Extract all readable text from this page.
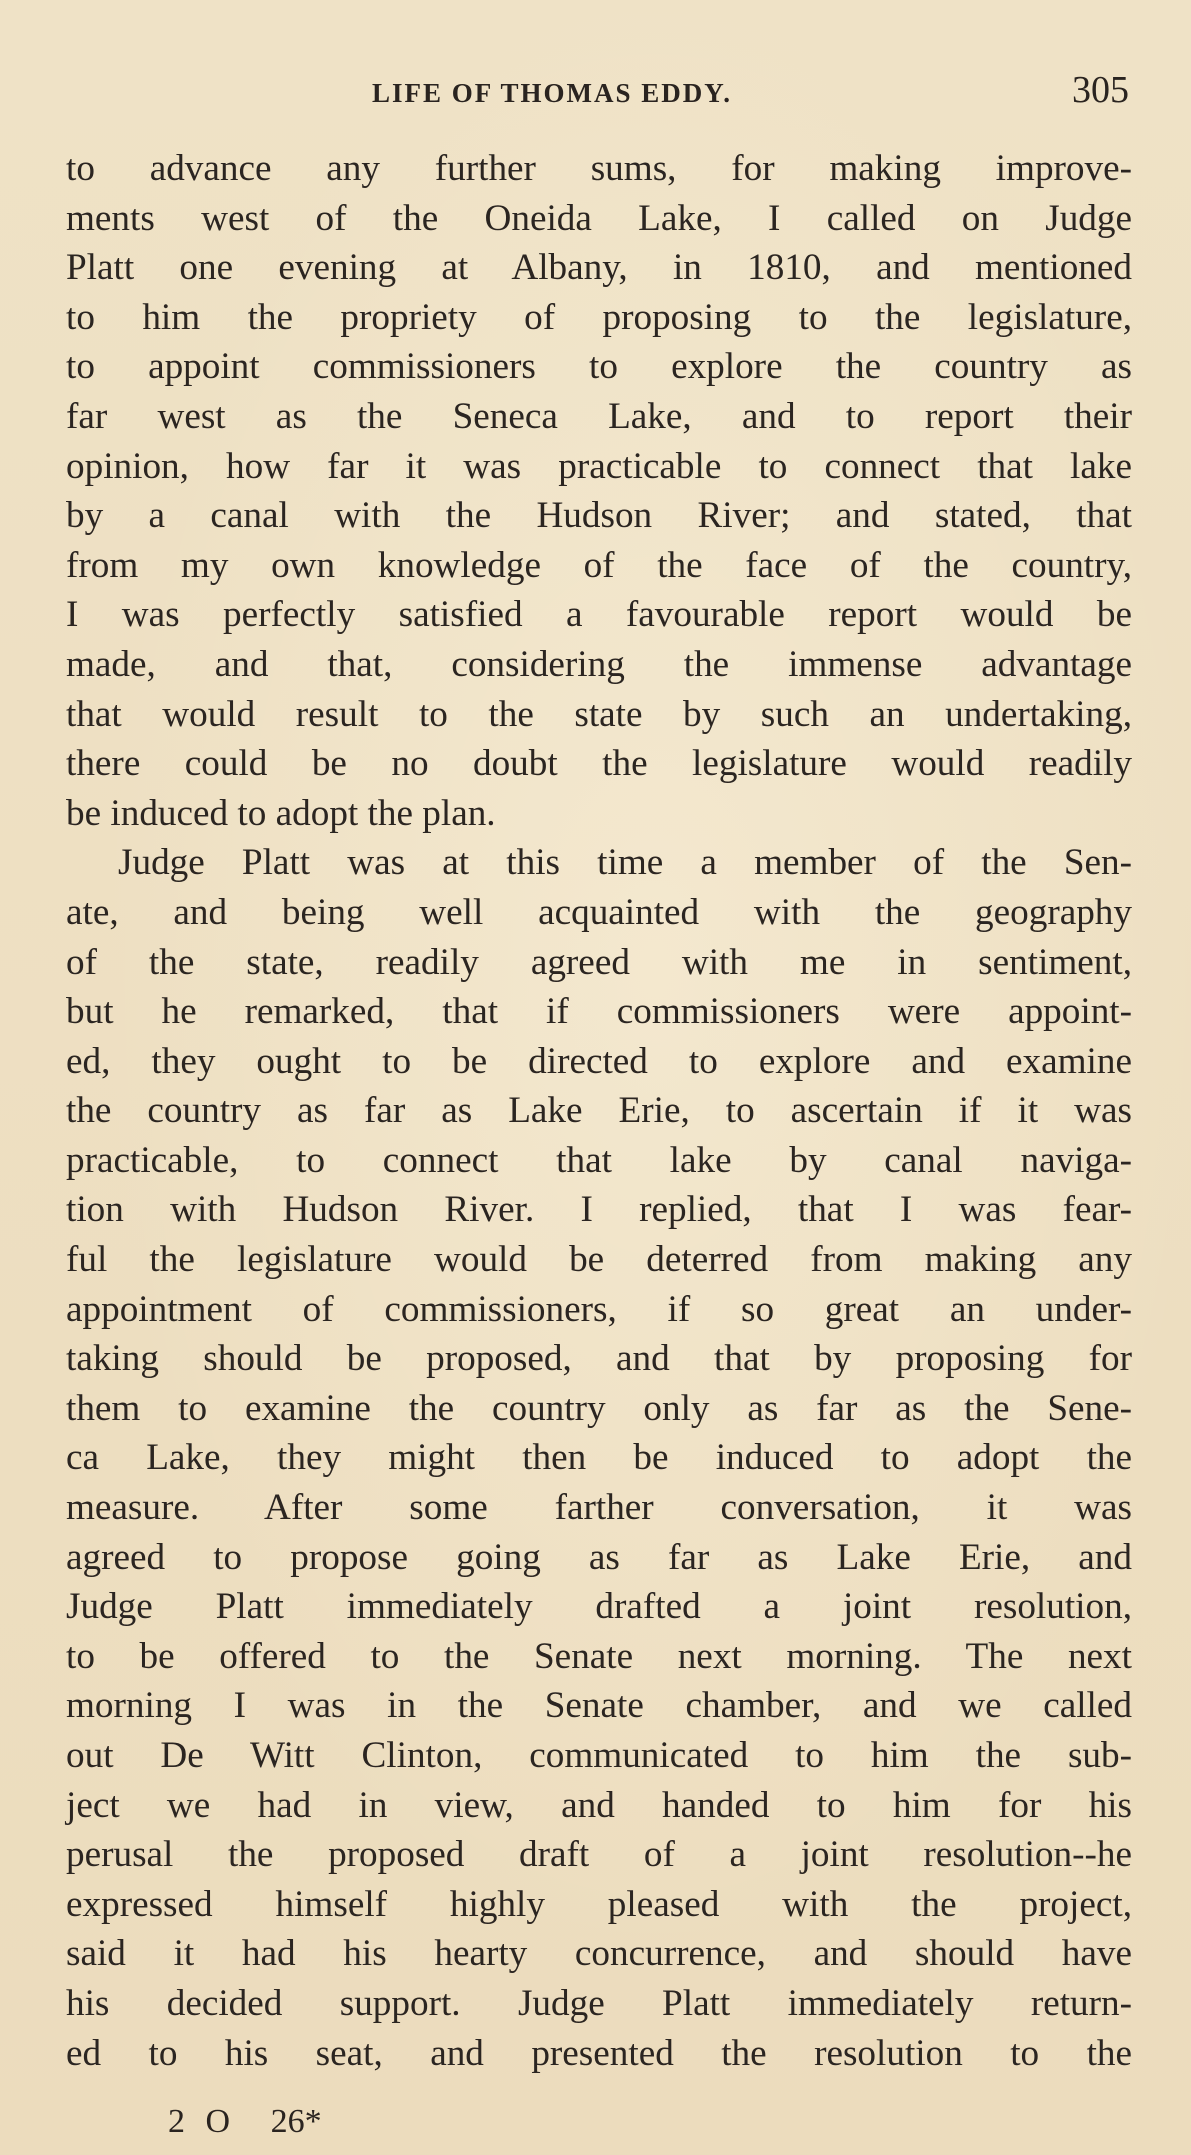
LIFE OF THOMAS EDDY.	305
to advance any further sums, for making improve-
ments west of the Oneida Lake, I called on Judge
Platt one evening at Albany, in 1810, and mentioned
to him the propriety of proposing to the legislature,
to appoint commissioners to explore the country as
far west as the Seneca Lake, and to report their
opinion, how far it was practicable to connect that lake
by a canal with the Hudson River; and stated, that
from my own knowledge of the face of the country,
I was perfectly satisfied a favourable report would be
made, and that, considering the immense advantage
that would result to the state by such an undertaking,
there could be no doubt the legislature would readily
be induced to adopt the plan.
Judge Platt was at this time a member of the Sen-
ate, and being well acquainted with the geography
of the state, readily agreed with me in sentiment,
but he remarked, that if commissioners were appoint-
ed, they ought to be directed to explore and examine
the country as far as Lake Erie, to ascertain if it was
practicable, to connect that lake by canal naviga-
tion with Hudson River. I replied, that I was fear-
ful the legislature would be deterred from making any
appointment of commissioners, if so great an under-
taking should be proposed, and that by proposing for
them to examine the country only as far as the Sene-
ca Lake, they might then be induced to adopt the
measure. After some farther conversation, it was
agreed to propose going as far as Lake Erie, and
Judge Platt immediately drafted a joint resolution,
to be offered to the Senate next morning. The next
morning I was in the Senate chamber, and we called
out De Witt Clinton, communicated to him the sub-
ject we had in view, and handed to him for his
perusal the proposed draft of a joint resolution--he
expressed himself highly pleased with the project,
said it had his hearty concurrence, and should have
his decided support. Judge Platt immediately return-
ed to his seat, and presented the resolution to the
2 O 26*
